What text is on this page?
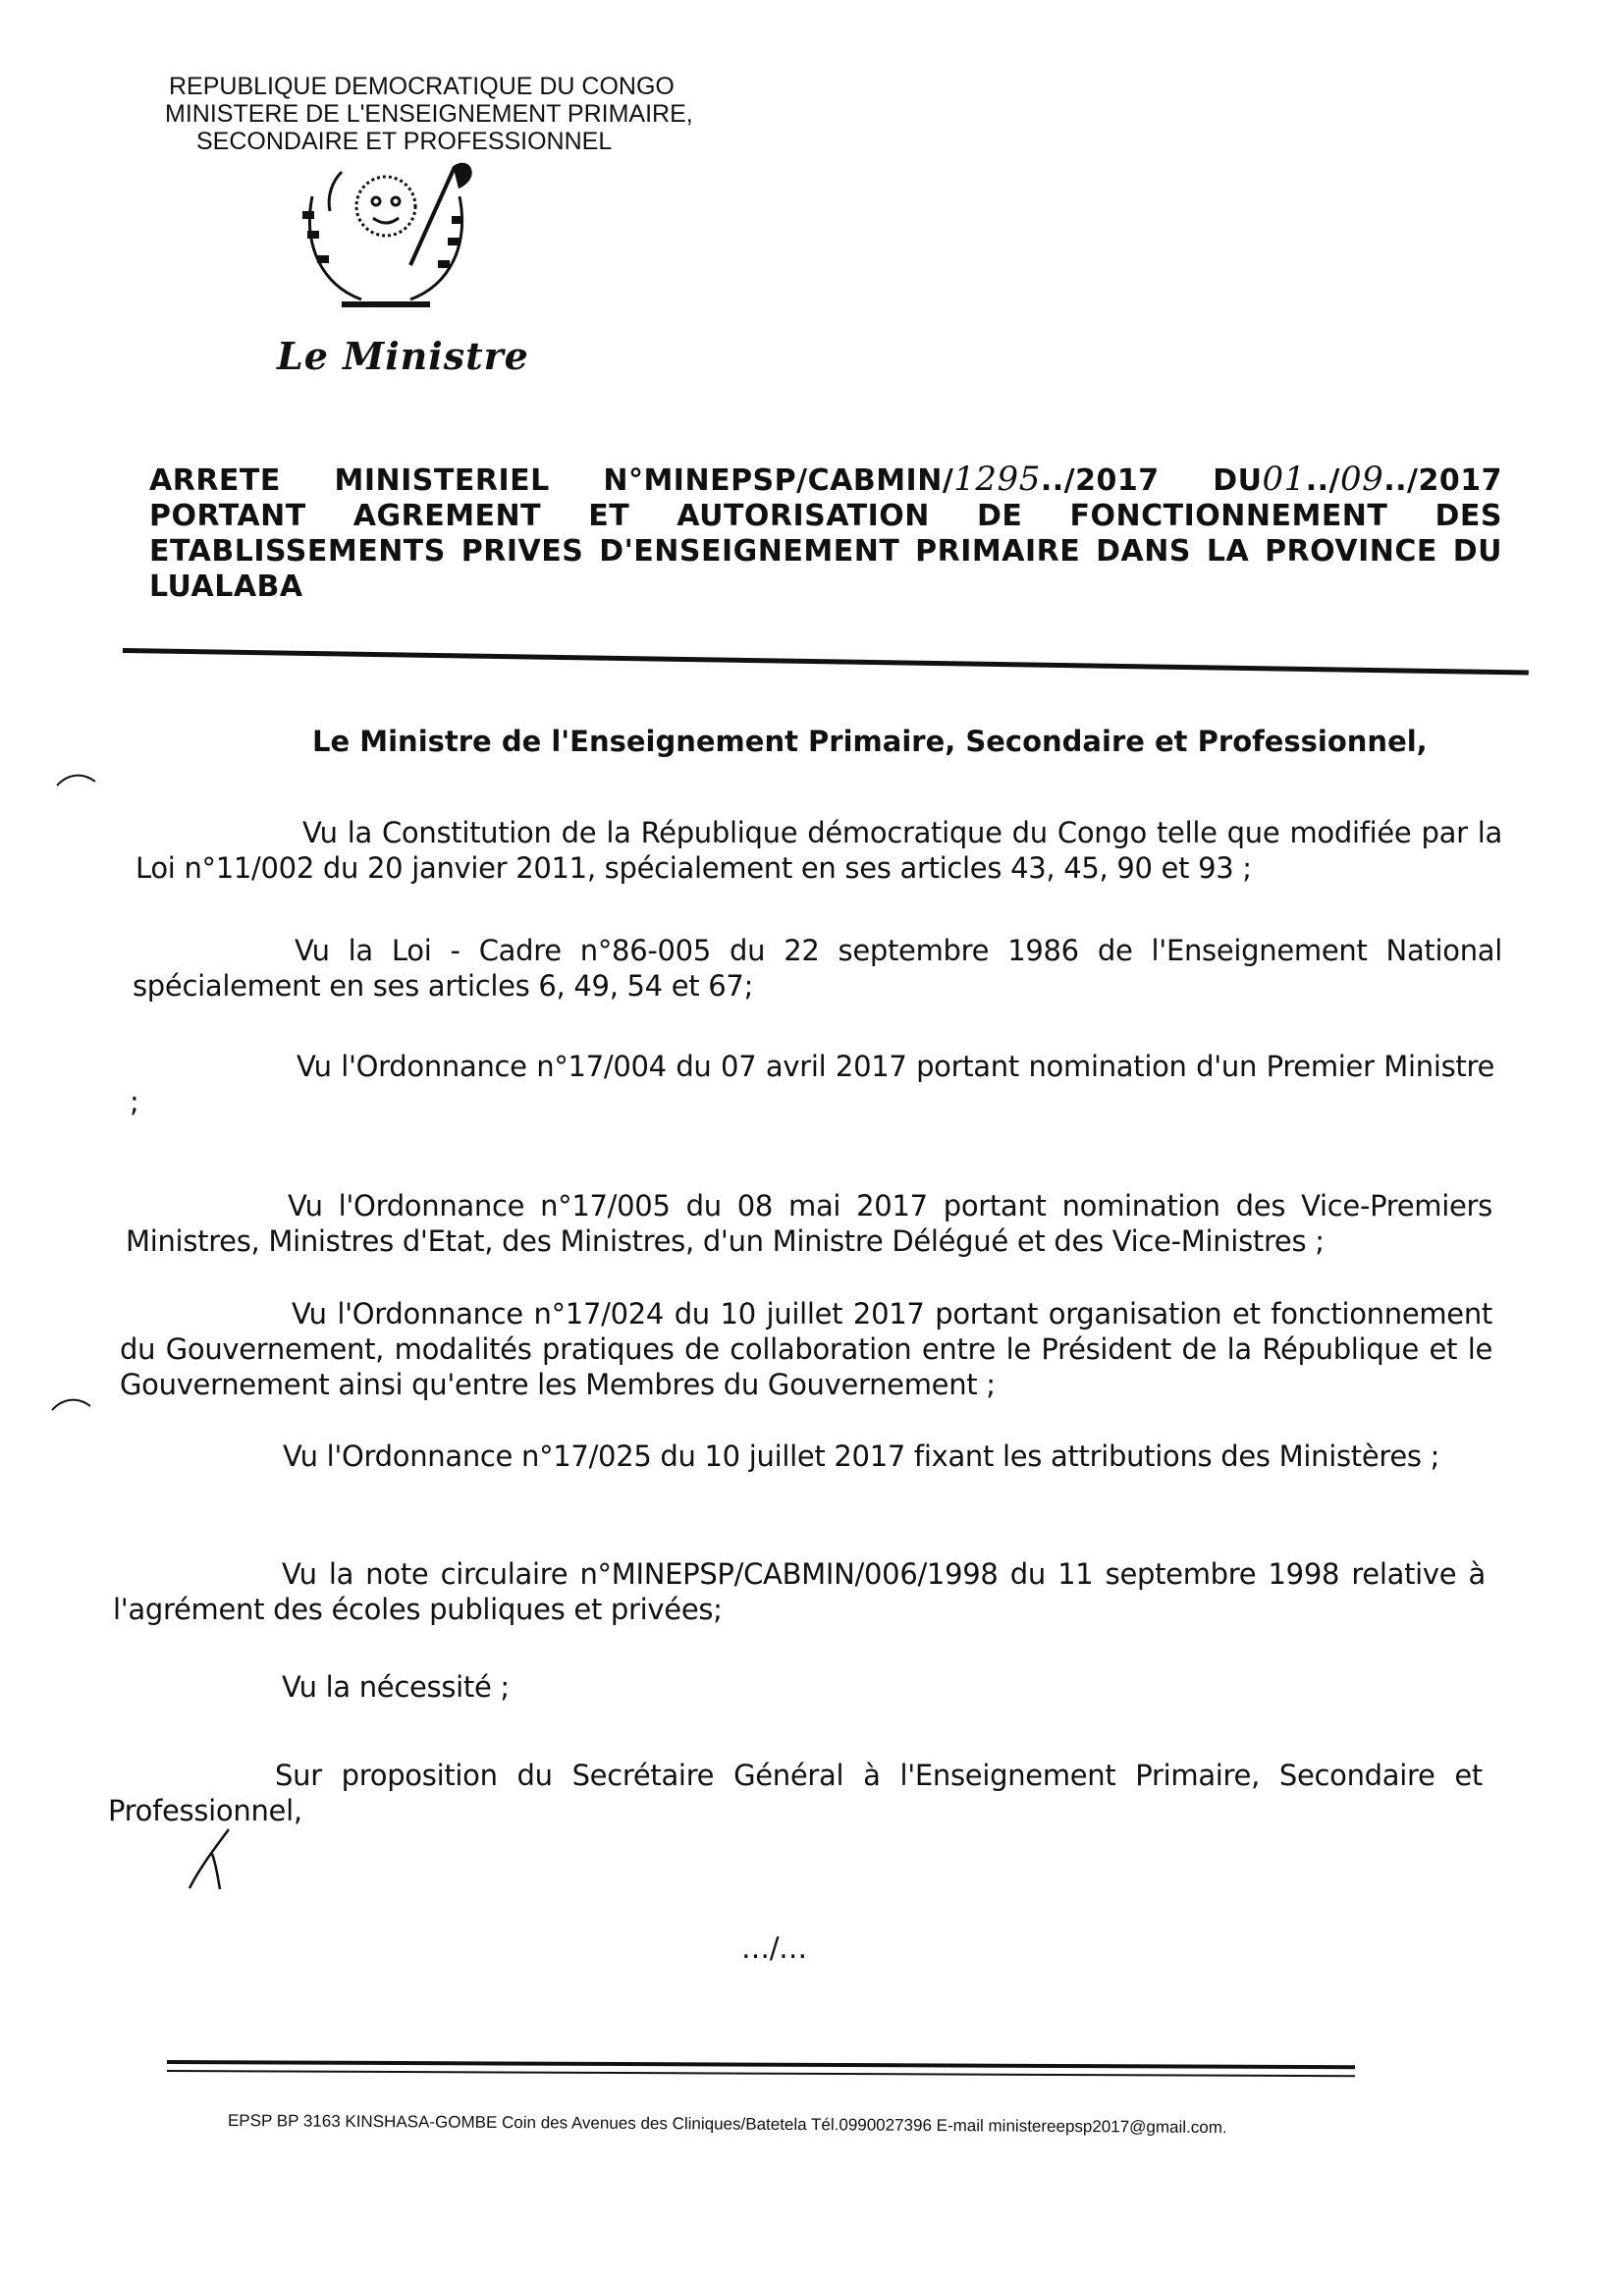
REPUBLIQUE DEMOCRATIQUE DU CONGO
MINISTERE DE L'ENSEIGNEMENT PRIMAIRE,
SECONDAIRE ET PROFESSIONNEL
Le Ministre
ARRETE MINISTERIEL N°MINEPSP/CABMIN/1295../2017 DU01../09../2017 PORTANT AGREMENT ET AUTORISATION DE FONCTIONNEMENT DES ETABLISSEMENTS PRIVES D'ENSEIGNEMENT PRIMAIRE DANS LA PROVINCE DU LUALABA
Le Ministre de l'Enseignement Primaire, Secondaire et Professionnel,
Vu la Constitution de la République démocratique du Congo telle que modifiée par la Loi n°11/002 du 20 janvier 2011, spécialement en ses articles 43, 45, 90 et 93 ;
Vu la Loi - Cadre n°86-005 du 22 septembre 1986 de l'Enseignement National spécialement en ses articles 6, 49, 54 et 67;
Vu l'Ordonnance n°17/004 du 07 avril 2017 portant nomination d'un Premier Ministre ;
Vu l'Ordonnance n°17/005 du 08 mai 2017 portant nomination des Vice-Premiers Ministres, Ministres d'Etat, des Ministres, d'un Ministre Délégué et des Vice-Ministres ;
Vu l'Ordonnance n°17/024 du 10 juillet 2017 portant organisation et fonctionnement du Gouvernement, modalités pratiques de collaboration entre le Président de la République et le Gouvernement ainsi qu'entre les Membres du Gouvernement ;
Vu l'Ordonnance n°17/025 du 10 juillet 2017 fixant les attributions des Ministères ;
Vu la note circulaire n°MINEPSP/CABMIN/006/1998 du 11 septembre 1998 relative à l'agrément des écoles publiques et privées;
Vu la nécessité ;
Sur proposition du Secrétaire Général à l'Enseignement Primaire, Secondaire et Professionnel,
…/…
EPSP BP 3163 KINSHASA-GOMBE Coin des Avenues des Cliniques/Batetela Tél.0990027396 E-mail ministereepsp2017@gmail.com.
